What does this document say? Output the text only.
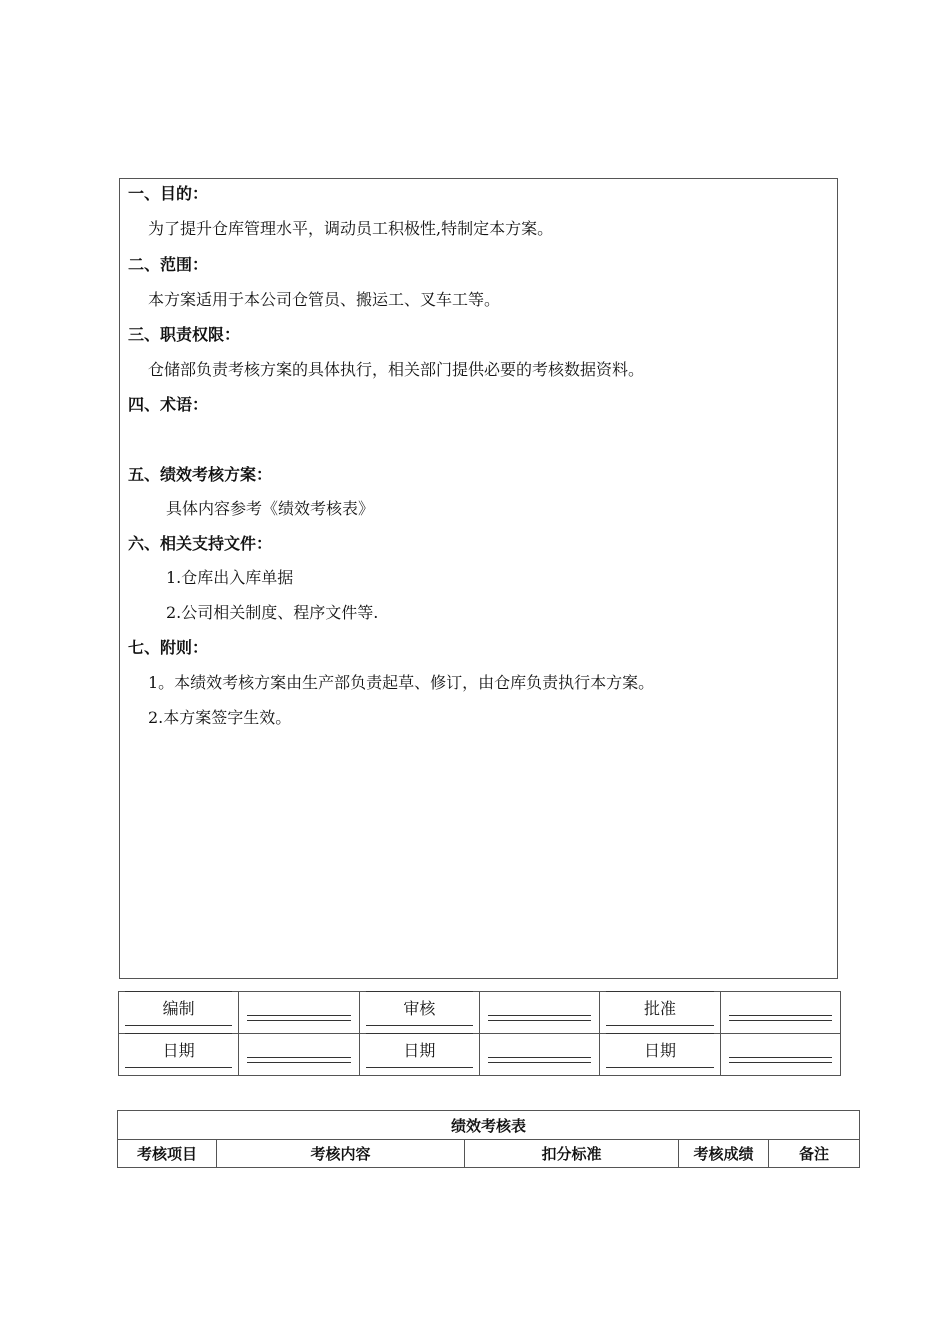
一、目的：
为了提升仓库管理水平，调动员工积极性,特制定本方案。
二、范围：
本方案适用于本公司仓管员、搬运工、叉车工等。
三、职责权限：
仓储部负责考核方案的具体执行，相关部门提供必要的考核数据资料。
四、术语：
五、绩效考核方案：
具体内容参考《绩效考核表》
六、相关支持文件：
1.仓库出入库单据
2.公司相关制度、程序文件等.
七、附则：
1。本绩效考核方案由生产部负责起草、修订，由仓库负责执行本方案。
2.本方案签字生效。
编制		审核		批准	

日期		日期		日期	

绩效考核表
考核项目	考核内容	扣分标准	考核成绩	备注
